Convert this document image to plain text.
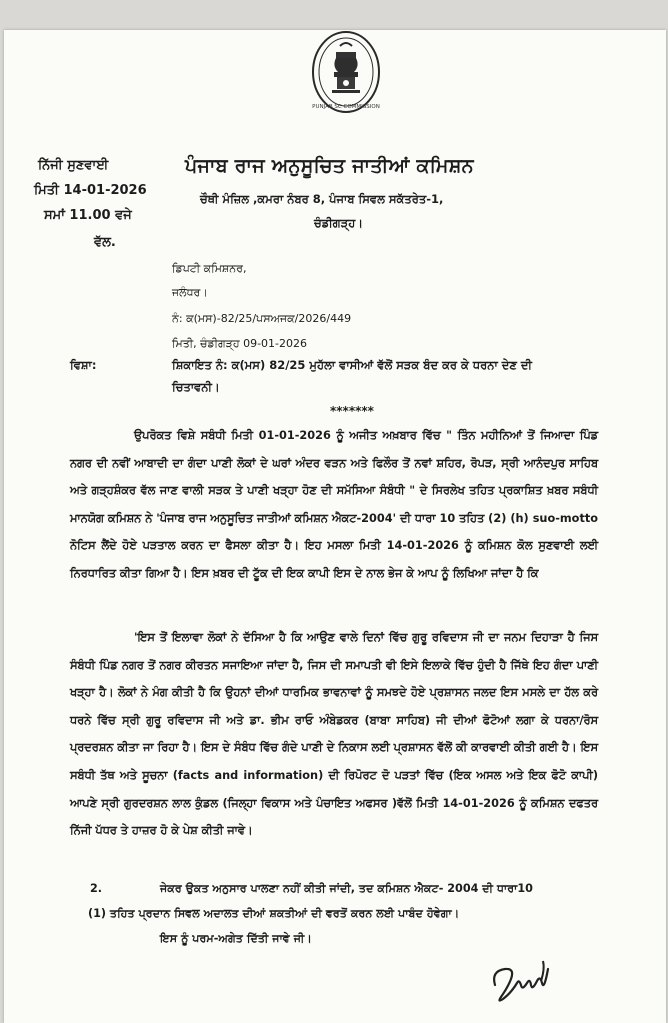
PUNJAB SC COMMISSION
ਨਿੱਜੀ ਸੁਣਵਾਈ
ਮਿਤੀ 14-01-2026
ਸਮਾਂ 11.00 ਵਜੇ
ਵੱਲ.
ਪੰਜਾਬ ਰਾਜ ਅਨੁਸੂਚਿਤ ਜਾਤੀਆਂ ਕਮਿਸ਼ਨ
ਚੌਥੀ ਮੰਜ਼ਿਲ ,ਕਮਰਾ ਨੰਬਰ 8, ਪੰਜਾਬ ਸਿਵਲ ਸਕੱਤਰੇਤ-1,
ਚੰਡੀਗੜ੍ਹ।
ਡਿਪਟੀ ਕਮਿਸ਼ਨਰ,
ਜਲੰਧਰ।
ਨੰ: ਕ(ਮਸ)-82/25/ਪਸਅਜਕ/2026/449
ਮਿਤੀ, ਚੰਡੀਗੜ੍ਹ 09-01-2026
ਵਿਸ਼ਾ:	ਸ਼ਿਕਾਇਤ ਨੰ: ਕ(ਮਸ) 82/25 ਮੁਹੱਲਾ ਵਾਸੀਆਂ ਵੱਲੋਂ ਸੜਕ ਬੰਦ ਕਰ ਕੇ ਧਰਨਾ ਦੇਣ ਦੀ
ਚਿਤਾਵਨੀ।
*******
ਉਪਰੋਕਤ ਵਿਸ਼ੇ ਸਬੰਧੀ ਮਿਤੀ 01-01-2026 ਨੂੰ ਅਜੀਤ ਅਖ਼ਬਾਰ ਵਿੱਚ " ਤਿੰਨ ਮਹੀਨਿਆਂ ਤੋਂ ਜਿਆਦਾ ਪਿੰਡ ਨਗਰ ਦੀ ਨਵੀਂ ਆਬਾਦੀ ਦਾ ਗੰਦਾ ਪਾਣੀ ਲੋਕਾਂ ਦੇ ਘਰਾਂ ਅੰਦਰ ਵੜਨ ਅਤੇ ਫਿਲੌਰ ਤੋਂ ਨਵਾਂ ਸ਼ਹਿਰ, ਰੋਪੜ, ਸ੍ਰੀ ਆਨੰਦਪੁਰ ਸਾਹਿਬ ਅਤੇ ਗੜ੍ਹਸ਼ੰਕਰ ਵੱਲ ਜਾਣ ਵਾਲੀ ਸੜਕ ਤੇ ਪਾਣੀ ਖੜ੍ਹਾ ਹੋਣ ਦੀ ਸਮੱਸਿਆ ਸੰਬੰਧੀ " ਦੇ ਸਿਰਲੇਖ ਤਹਿਤ ਪ੍ਰਕਾਸ਼ਿਤ ਖ਼ਬਰ ਸਬੰਧੀ ਮਾਨਯੋਗ ਕਮਿਸ਼ਨ ਨੇ 'ਪੰਜਾਬ ਰਾਜ ਅਨੁਸੂਚਿਤ ਜਾਤੀਆਂ ਕਮਿਸ਼ਨ ਐਕਟ-2004' ਦੀ ਧਾਰਾ 10 ਤਹਿਤ (2) (h) suo-motto ਨੋਟਿਸ ਲੈਂਦੇ ਹੋਏ ਪੜਤਾਲ ਕਰਨ ਦਾ ਫੈਸਲਾ ਕੀਤਾ ਹੈ। ਇਹ ਮਸਲਾ ਮਿਤੀ 14-01-2026 ਨੂੰ ਕਮਿਸ਼ਨ ਕੋਲ ਸੁਣਵਾਈ ਲਈ ਨਿਰਧਾਰਿਤ ਕੀਤਾ ਗਿਆ ਹੈ। ਇਸ ਖ਼ਬਰ ਦੀ ਟੂੱਕ ਦੀ ਇਕ ਕਾਪੀ ਇਸ ਦੇ ਨਾਲ ਭੇਜ ਕੇ ਆਪ ਨੂੰ ਲਿਖਿਆ ਜਾਂਦਾ ਹੈ ਕਿ
'ਇਸ ਤੋਂ ਇਲਾਵਾ ਲੋਕਾਂ ਨੇ ਦੱਸਿਆ ਹੈ ਕਿ ਆਉਣ ਵਾਲੇ ਦਿਨਾਂ ਵਿੱਚ ਗੁਰੂ ਰਵਿਦਾਸ ਜੀ ਦਾ ਜਨਮ ਦਿਹਾੜਾ ਹੈ ਜਿਸ ਸੰਬੰਧੀ ਪਿੰਡ ਨਗਰ ਤੋਂ ਨਗਰ ਕੀਰਤਨ ਸਜਾਇਆ ਜਾਂਦਾ ਹੈ, ਜਿਸ ਦੀ ਸਮਾਪਤੀ ਵੀ ਇਸੇ ਇਲਾਕੇ ਵਿੱਚ ਹੁੰਦੀ ਹੈ ਜਿੱਥੇ ਇਹ ਗੰਦਾ ਪਾਣੀ ਖੜ੍ਹਾ ਹੈ। ਲੋਕਾਂ ਨੇ ਮੰਗ ਕੀਤੀ ਹੈ ਕਿ ਉਹਨਾਂ ਦੀਆਂ ਧਾਰਮਿਕ ਭਾਵਨਾਵਾਂ ਨੂੰ ਸਮਝਦੇ ਹੋਏ ਪ੍ਰਸ਼ਾਸਨ ਜਲਦ ਇਸ ਮਸਲੇ ਦਾ ਹੱਲ ਕਰੇ ਧਰਨੇ ਵਿੱਚ ਸ੍ਰੀ ਗੁਰੂ ਰਵਿਦਾਸ ਜੀ ਅਤੇ ਡਾ. ਭੀਮ ਰਾਓ ਅੰਬੇਡਕਰ (ਬਾਬਾ ਸਾਹਿਬ) ਜੀ ਦੀਆਂ ਫੋਟੋਆਂ ਲਗਾ ਕੇ ਧਰਨਾ/ਰੋਸ ਪ੍ਰਦਰਸ਼ਨ ਕੀਤਾ ਜਾ ਰਿਹਾ ਹੈ। ਇਸ ਦੇ ਸੰਬੰਧ ਵਿੱਚ ਗੰਦੇ ਪਾਣੀ ਦੇ ਨਿਕਾਸ ਲਈ ਪ੍ਰਸ਼ਾਸਨ ਵੱਲੋਂ ਕੀ ਕਾਰਵਾਈ ਕੀਤੀ ਗਈ ਹੈ। ਇਸ ਸਬੰਧੀ ਤੱਥ ਅਤੇ ਸੂਚਨਾ (facts and information) ਦੀ ਰਿਪੋਰਟ ਦੋ ਪੜਤਾਂ ਵਿੱਚ (ਇਕ ਅਸਲ ਅਤੇ ਇਕ ਫੋਟੋ ਕਾਪੀ) ਆਪਣੇ ਸ੍ਰੀ ਗੁਰਦਰਸ਼ਨ ਲਾਲ ਕੁੰਡਲ (ਜਿਲ੍ਹਾ ਵਿਕਾਸ ਅਤੇ ਪੰਚਾਇਤ ਅਫਸਰ )ਵੱਲੋਂ ਮਿਤੀ 14-01-2026 ਨੂੰ ਕਮਿਸ਼ਨ ਦਫਤਰ ਨਿੱਜੀ ਪੱਧਰ ਤੇ ਹਾਜ਼ਰ ਹੋ ਕੇ ਪੇਸ਼ ਕੀਤੀ ਜਾਵੇ।
2.	ਜੇਕਰ ਉਕਤ ਅਨੁਸਾਰ ਪਾਲਣਾ ਨਹੀਂ ਕੀਤੀ ਜਾਂਦੀ, ਤਦ ਕਮਿਸ਼ਨ ਐਕਟ- 2004 ਦੀ ਧਾਰਾ10
(1) ਤਹਿਤ ਪ੍ਰਦਾਨ ਸਿਵਲ ਅਦਾਲਤ ਦੀਆਂ ਸ਼ਕਤੀਆਂ ਦੀ ਵਰਤੋਂ ਕਰਨ ਲਈ ਪਾਬੰਦ ਹੋਵੇਗਾ।
ਇਸ ਨੂੰ ਪਰਮ-ਅਗੇਤ ਦਿੱਤੀ ਜਾਵੇ ਜੀ।
